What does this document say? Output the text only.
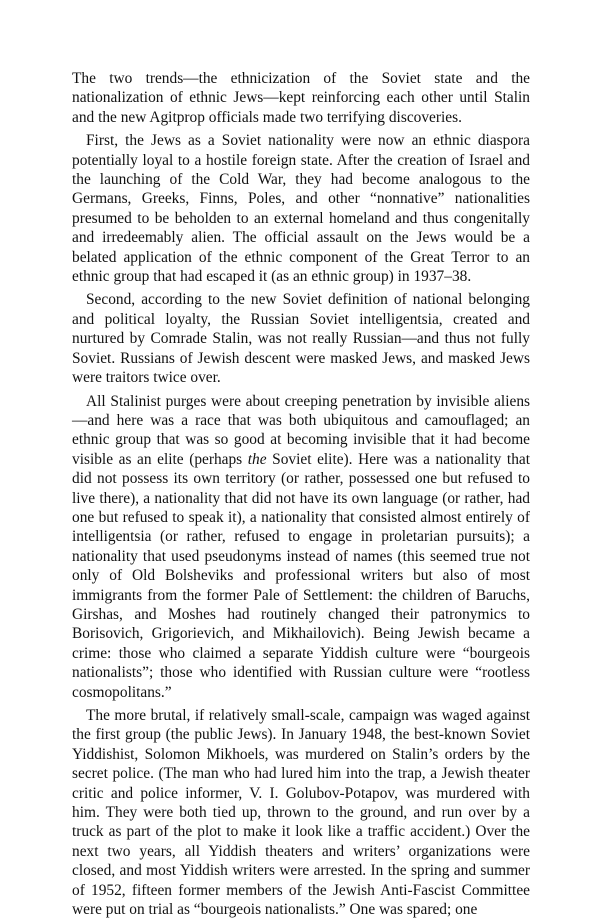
The two trends—the ethnicization of the Soviet state and the nationalization of ethnic Jews—kept reinforcing each other until Stalin and the new Agitprop officials made two terrifying discoveries.

First, the Jews as a Soviet nationality were now an ethnic diaspora potentially loyal to a hostile foreign state. After the creation of Israel and the launching of the Cold War, they had become analogous to the Germans, Greeks, Finns, Poles, and other “nonnative” nationalities presumed to be beholden to an external homeland and thus congenitally and irredeemably alien. The official assault on the Jews would be a belated application of the ethnic component of the Great Terror to an ethnic group that had escaped it (as an ethnic group) in 1937–38.

Second, according to the new Soviet definition of national belonging and political loyalty, the Russian Soviet intelligentsia, created and nurtured by Comrade Stalin, was not really Russian—and thus not fully Soviet. Russians of Jewish descent were masked Jews, and masked Jews were traitors twice over.

All Stalinist purges were about creeping penetration by invisible aliens—and here was a race that was both ubiquitous and camouflaged; an ethnic group that was so good at becoming invisible that it had become visible as an elite (perhaps the Soviet elite). Here was a nationality that did not possess its own territory (or rather, possessed one but refused to live there), a nationality that did not have its own language (or rather, had one but refused to speak it), a nationality that consisted almost entirely of intelligentsia (or rather, refused to engage in proletarian pursuits); a nationality that used pseudonyms instead of names (this seemed true not only of Old Bolsheviks and professional writers but also of most immigrants from the former Pale of Settlement: the children of Baruchs, Girshas, and Moshes had routinely changed their patronymics to Borisovich, Grigorievich, and Mikhailovich). Being Jewish became a crime: those who claimed a separate Yiddish culture were “bourgeois nationalists”; those who identified with Russian culture were “rootless cosmopolitans.”

The more brutal, if relatively small-scale, campaign was waged against the first group (the public Jews). In January 1948, the best-known Soviet Yiddishist, Solomon Mikhoels, was murdered on Stalin’s orders by the secret police. (The man who had lured him into the trap, a Jewish theater critic and police informer, V. I. Golubov-Potapov, was murdered with him. They were both tied up, thrown to the ground, and run over by a truck as part of the plot to make it look like a traffic accident.) Over the next two years, all Yiddish theaters and writers’ organizations were closed, and most Yiddish writers were arrested. In the spring and summer of 1952, fifteen former members of the Jewish Anti-Fascist Committee were put on trial as “bourgeois nationalists.” One was spared; one
